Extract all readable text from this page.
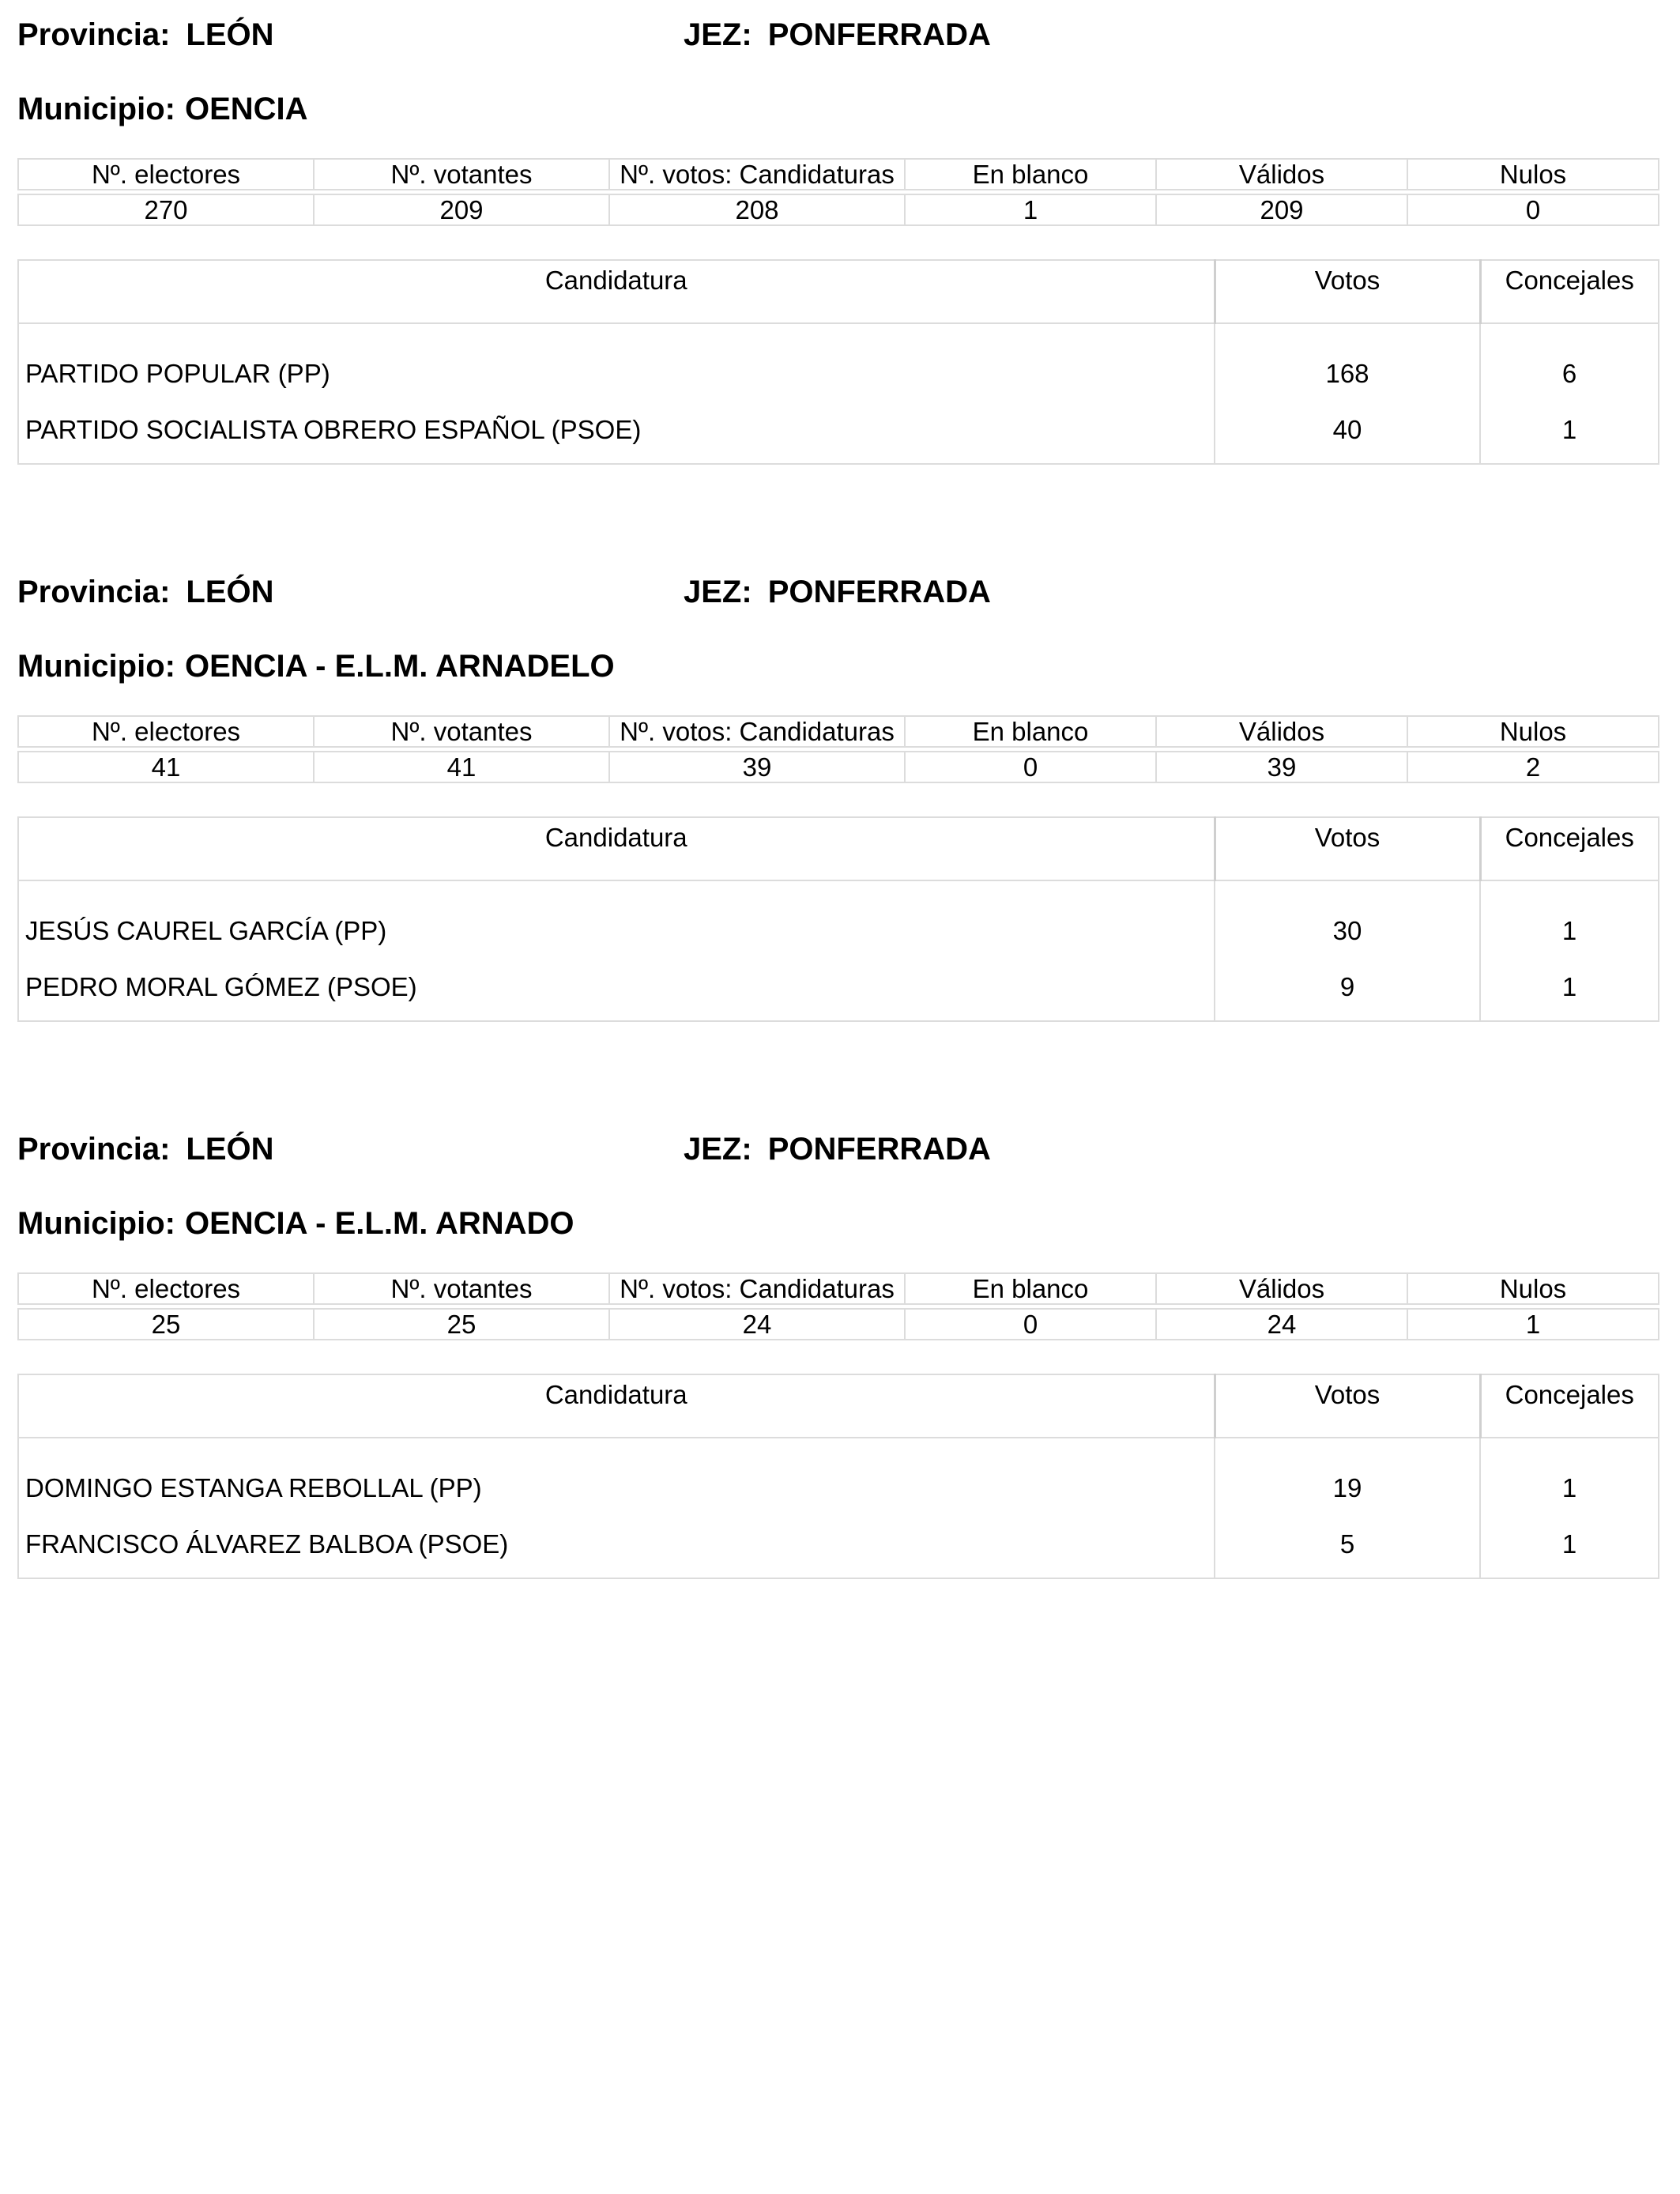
Provincia: LEÓN	JEZ: PONFERRADA
Municipio: OENCIA
Nº. electores	Nº. votantes	Nº. votos: Candidaturas	En blanco	Válidos	Nulos

270	209	208	1	209	0
Candidatura	Votos	Concejales
PARTIDO POPULAR (PP)	168	6
PARTIDO SOCIALISTA OBRERO ESPAÑOL (PSOE)	40	1
Provincia: LEÓN	JEZ: PONFERRADA
Municipio: OENCIA - E.L.M. ARNADELO
Nº. electores	Nº. votantes	Nº. votos: Candidaturas	En blanco	Válidos	Nulos

41	41	39	0	39	2
Candidatura	Votos	Concejales
JESÚS CAUREL GARCÍA (PP)	30	1
PEDRO MORAL GÓMEZ (PSOE)	9	1
Provincia: LEÓN	JEZ: PONFERRADA
Municipio: OENCIA - E.L.M. ARNADO
Nº. electores	Nº. votantes	Nº. votos: Candidaturas	En blanco	Válidos	Nulos

25	25	24	0	24	1
Candidatura	Votos	Concejales
DOMINGO ESTANGA REBOLLAL (PP)	19	1
FRANCISCO ÁLVAREZ BALBOA (PSOE)	5	1
